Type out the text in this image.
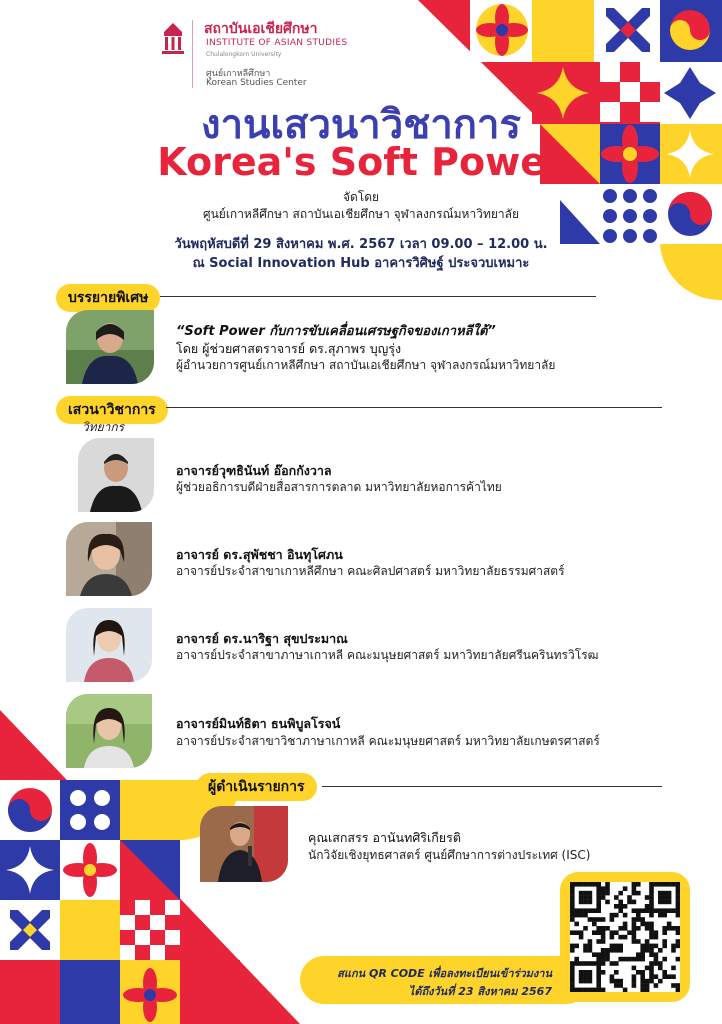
สถาบันเอเชียศึกษา
INSTITUTE OF ASIAN STUDIES
Chulalongkorn University
ศูนย์เกาหลีศึกษา
Korean Studies Center
งานเสวนาวิชาการ
Korea's Soft Power
จัดโดย
ศูนย์เกาหลีศึกษา สถาบันเอเชียศึกษา จุฬาลงกรณ์มหาวิทยาลัย
วันพฤหัสบดีที่ 29 สิงหาคม พ.ศ. 2567 เวลา 09.00 – 12.00 น.
ณ Social Innovation Hub อาคารวิศิษฐ์ ประจวบเหมาะ
บรรยายพิเศษ
“Soft Power กับการขับเคลื่อนเศรษฐกิจของเกาหลีใต้”
โดย ผู้ช่วยศาสตราจารย์ ดร.สุภาพร บุญรุ่ง
ผู้อำนวยการศูนย์เกาหลีศึกษา สถาบันเอเชียศึกษา จุฬาลงกรณ์มหาวิทยาลัย
เสวนาวิชาการ
วิทยากร
อาจารย์วุฑธินันท์ อ๊อกกังวาล
ผู้ช่วยอธิการบดีฝ่ายสื่อสารการตลาด มหาวิทยาลัยหอการค้าไทย
อาจารย์ ดร.สุพัชชา อินทุโศภน
อาจารย์ประจำสาขาเกาหลีศึกษา คณะศิลปศาสตร์ มหาวิทยาลัยธรรมศาสตร์
อาจารย์ ดร.นาริฐา สุขประมาณ
อาจารย์ประจำสาขาภาษาเกาหลี คณะมนุษยศาสตร์ มหาวิทยาลัยศรีนครินทรวิโรฒ
อาจารย์มินท์ธิตา ธนพิบูลโรจน์
อาจารย์ประจำสาขาวิชาภาษาเกาหลี คณะมนุษยศาสตร์ มหาวิทยาลัยเกษตรศาสตร์
ผู้ดำเนินรายการ
คุณเสกสรร อานันทศิริเกียรติ
นักวิจัยเชิงยุทธศาสตร์ ศูนย์ศึกษาการต่างประเทศ (ISC)
สแกน QR CODE เพื่อลงทะเบียนเข้าร่วมงาน
ได้ถึงวันที่ 23 สิงหาคม 2567
